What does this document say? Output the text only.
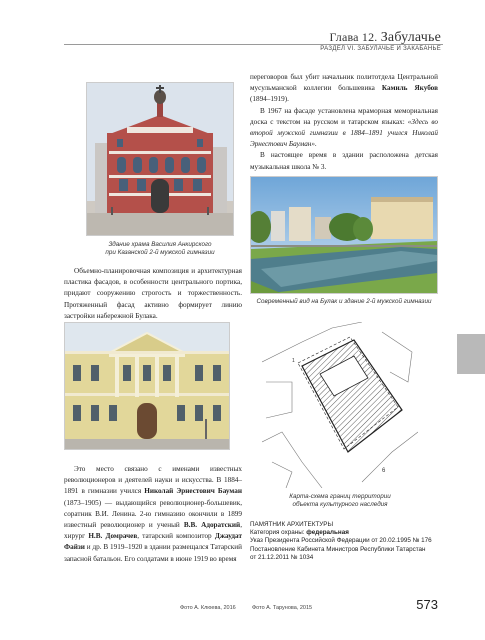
Глава 12. Забулачье
РАЗДЕЛ VI. ЗАБУЛАЧЬЕ И ЗАКАБАНЬЕ
Здание храма Василия Анкирского
при Казанской 2-й мужской гимназии

переговоров был убит начальник политотдела Центральной мусульманской коллегии большевика Камиль Якубов (1894–1919).

В 1967 на фасаде установлена мраморная мемориальная доска с текстом на русском и татарском языках: «Здесь во второй мужской гимназии в 1884–1891 учился Николай Эрнестович Бауман».

В настоящее время в здании расположена детская музыкальная школа № 3.

Современный вид на Булак и здание 2-й мужской гимназии

Объемно-планировочная композиция и архитектурная пластика фасадов, в особенности центрального портика, придают сооружению строгость и торжественность. Протяженный фасад активно формирует линию застройки набережной Булака.

Это место связано с именами известных революционеров и деятелей науки и искусства. В 1884–1891 в гимназии учился Николай Эрнестович Бауман (1873–1905) — выдающийся революционер-большевик, соратник В.И. Ленина. 2-ю гимназию окончили в 1899 известный революционер и ученый В.В. Адоратский, хирург Н.В. Домрачев, татарский композитор Джаудат Файзи и др. В 1919–1920 в здании размещался Татарский запасной батальон. Его солдатами в июне 1919 во время

6
1
Карта-схема границ территории
объекта культурного наследия
ПАМЯТНИК АРХИТЕКТУРЫ
Категория охраны: федеральная
Указ Президента Российской Федерации от 20.02.1995 № 176
Постановление Кабинета Министров Республики Татарстан
от 21.12.2011 № 1034
Фото А. Клюева, 2016	Фото А. Тарунова, 2015	573
